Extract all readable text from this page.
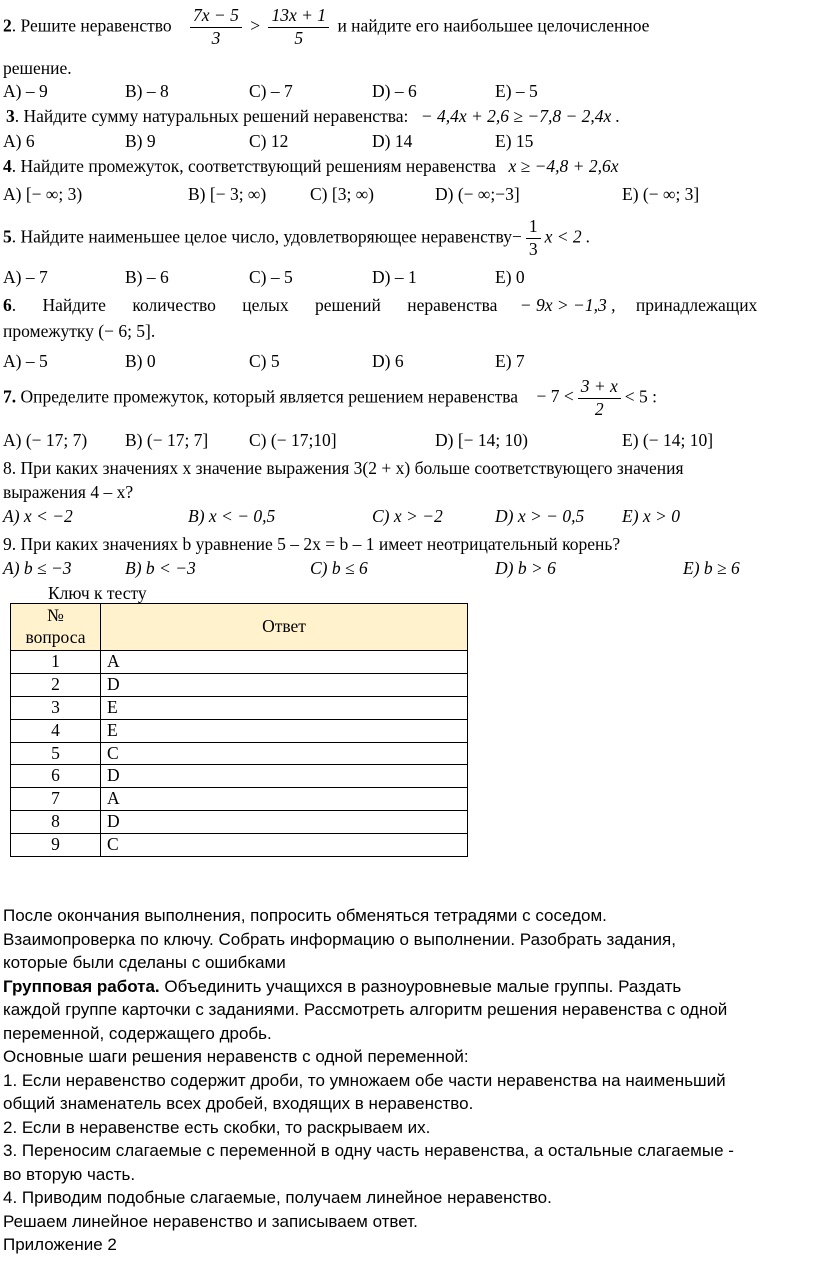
2. Решите неравенство $\frac{7x - 5}{3} > \frac{13x + 1}{5}$ и найдите его наибольшее целочисленное
решение.
A) – 9	B) – 8	C) – 7	D) – 6	E) – 5
3. Найдите сумму натуральных решений неравенства: − 4,4x + 2,6 ≥ −7,8 − 2,4x .
A) 6	B) 9	C) 12	D) 14	E) 15
4. Найдите промежуток, соответствующий решениям неравенства x ≥ −4,8 + 2,6x
A) [− ∞; 3)	B) [− 3; ∞)	C) [3; ∞)	D) (− ∞;−3]	E) (− ∞; 3]
5. Найдите наименьшее целое число, удовлетворяющее неравенству− $\frac{1}{3}$ x < 2 .
A) – 7	B) – 6	C) – 5	D) – 1	E) 0
6. Найдите количество целых решений неравенства − 9x > −1,3 , принадлежащих
промежутку (− 6; 5].
A) – 5	B) 0	C) 5	D) 6	E) 7
7. Определите промежуток, который является решением неравенства − $7 < \frac{3 + x}{2} < 5$ :
A) (− 17; 7) B) (− 17; 7] C) (− 17;10]	D) [− 14; 10)	E) (− 14; 10]
8. При каких значениях x значение выражения 3(2 + x) больше соответствующего значения
выражения 4 – x?
A) x < −2	B) x < − 0,5	C) x > −2	D) x > − 0,5 E) x > 0
9. При каких значениях b уравнение 5 – 2x = b – 1 имеет неотрицательный корень?
A) b ≤ −3	B) b < −3	C) b ≤ 6	D) b > 6	E) b ≥ 6
Ключ к тесту
№ вопроса	Ответ
1	A
2	D
3	E
4	E
5	C
6	D
7	A
8	D
9	C
После окончания выполнения, попросить обменяться тетрадями с соседом.
Взаимопроверка по ключу. Собрать информацию о выполнении. Разобрать задания,
которые были сделаны с ошибками
Групповая работа. Объединить учащихся в разноуровневые малые группы. Раздать
каждой группе карточки с заданиями. Рассмотреть алгоритм решения неравенства с одной
переменной, содержащего дробь.
Основные шаги решения неравенств с одной переменной:
1. Если неравенство содержит дроби, то умножаем обе части неравенства на наименьший
общий знаменатель всех дробей, входящих в неравенство.
2. Если в неравенстве есть скобки, то раскрываем их.
3. Переносим слагаемые с переменной в одну часть неравенства, а остальные слагаемые -
во вторую часть.
4. Приводим подобные слагаемые, получаем линейное неравенство.
Решаем линейное неравенство и записываем ответ.
Приложение 2
